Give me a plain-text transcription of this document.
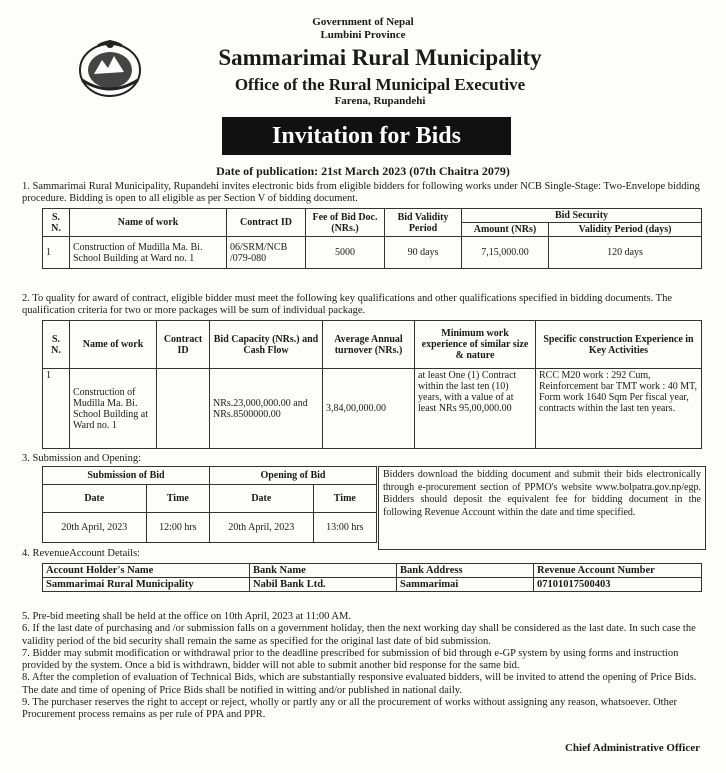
Government of Nepal
Lumbini Province
Sammarimai Rural Municipality
Office of the Rural Municipal Executive
Farena, Rupandehi
Invitation for Bids
Date of publication: 21st March 2023 (07th Chaitra 2079)
1. Sammarimai Rural Municipality, Rupandehi invites electronic bids from eligible bidders for following works under NCB Single-Stage: Two-Envelope bidding procedure. Bidding is open to all eligible as per Section V of bidding document.
S. N.	Name of work	Contract ID	Fee of Bid Doc. (NRs.)	Bid Validity Period	Bid Security	
					Amount (NRs)	Validity Period (days)
1	Construction of Mudilla Ma. Bi. School Building at Ward no. 1	06/SRM/NCB /079-080	5000	90 days	7,15,000.00	120 days
2. To quality for award of contract, eligible bidder must meet the following key qualifications and other qualifications specified in bidding documents. The qualification criteria for two or more packages will be sum of individual package.
S. N.	Name of work	Contract ID	Bid Capacity (NRs.) and Cash Flow	Average Annual turnover (NRs.)	Minimum work experience of similar size & nature	Specific construction Experience in Key Activities
1	Construction of Mudilla Ma. Bi. School Building at Ward no. 1		NRs.23,000,000.00 and NRs.8500000.00	3,84,00,000.00	at least One (1) Contract within the last ten (10) years, with a value of at least NRs 95,00,000.00	RCC M20 work : 292 Cum, Reinforcement bar TMT work : 40 MT, Form work 1640 Sqm Per fiscal year, contracts within the last ten years.
3. Submission and Opening:
Submission of Bid		Opening of Bid	
Date	Time	Date	Time
20th April, 2023	12:00 hrs	20th April, 2023	13:00 hrs
Bidders download the bidding document and submit their bids electronically through e-procurement section of PPMO's website www.bolpatra.gov.np/egp. Bidders should deposit the equivalent fee for bidding document in the following Revenue Account within the date and time specified.
4. RevenueAccount Details:
Account Holder's Name	Bank Name	Bank Address	Revenue Account Number
Sammarimai Rural Municipality	Nabil Bank Ltd.	Sammarimai	07101017500403
5. Pre-bid meeting shall be held at the office on 10th April, 2023 at 11:00 AM.
6. If the last date of purchasing and /or submission falls on a government holiday, then the next working day shall be considered as the last date. In such case the validity period of the bid security shall remain the same as specified for the original last date of bid submission.
7. Bidder may submit modification or withdrawal prior to the deadline prescribed for submission of bid through e-GP system by using forms and instruction provided by the system. Once a bid is withdrawn, bidder will not able to submit another bid response for the same bid.
8. After the completion of evaluation of Technical Bids, which are substantially responsive evaluated bidders, will be invited to attend the opening of Price Bids. The date and time of opening of Price Bids shall be notified in witting and/or published in national daily.
9. The purchaser reserves the right to accept or reject, wholly or partly any or all the procurement of works without assigning any reason, whatsoever. Other Procurement process remains as per rule of PPA and PPR.
Chief Administrative Officer
